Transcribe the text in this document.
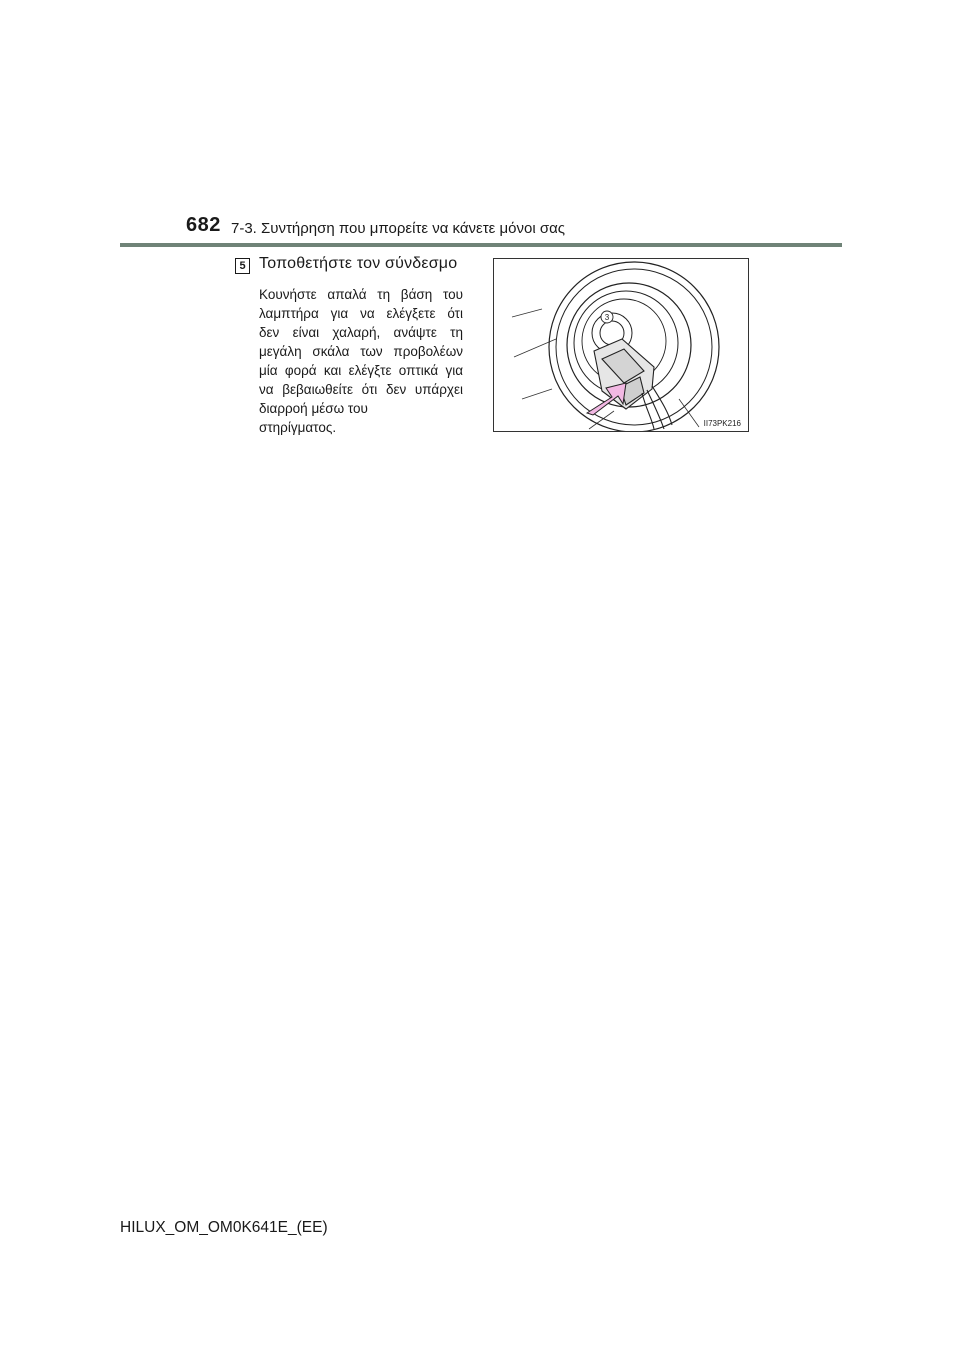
682 7-3. Συντήρηση που μπορείτε να κάνετε μόνοι σας
5 Τοποθετήστε τον σύνδεσμο
Κουνήστε απαλά τη βάση του
λαμπτήρα για να ελέγξετε ότι
δεν είναι χαλαρή, ανάψτε τη
μεγάλη σκάλα των προβολέων
μία φορά και ελέγξτε οπτικά για
να βεβαιωθείτε ότι δεν υπάρχει
διαρροή μέσω του
στηρίγματος.
3
II73PK216
HILUX_OM_OM0K641E_(EE)
